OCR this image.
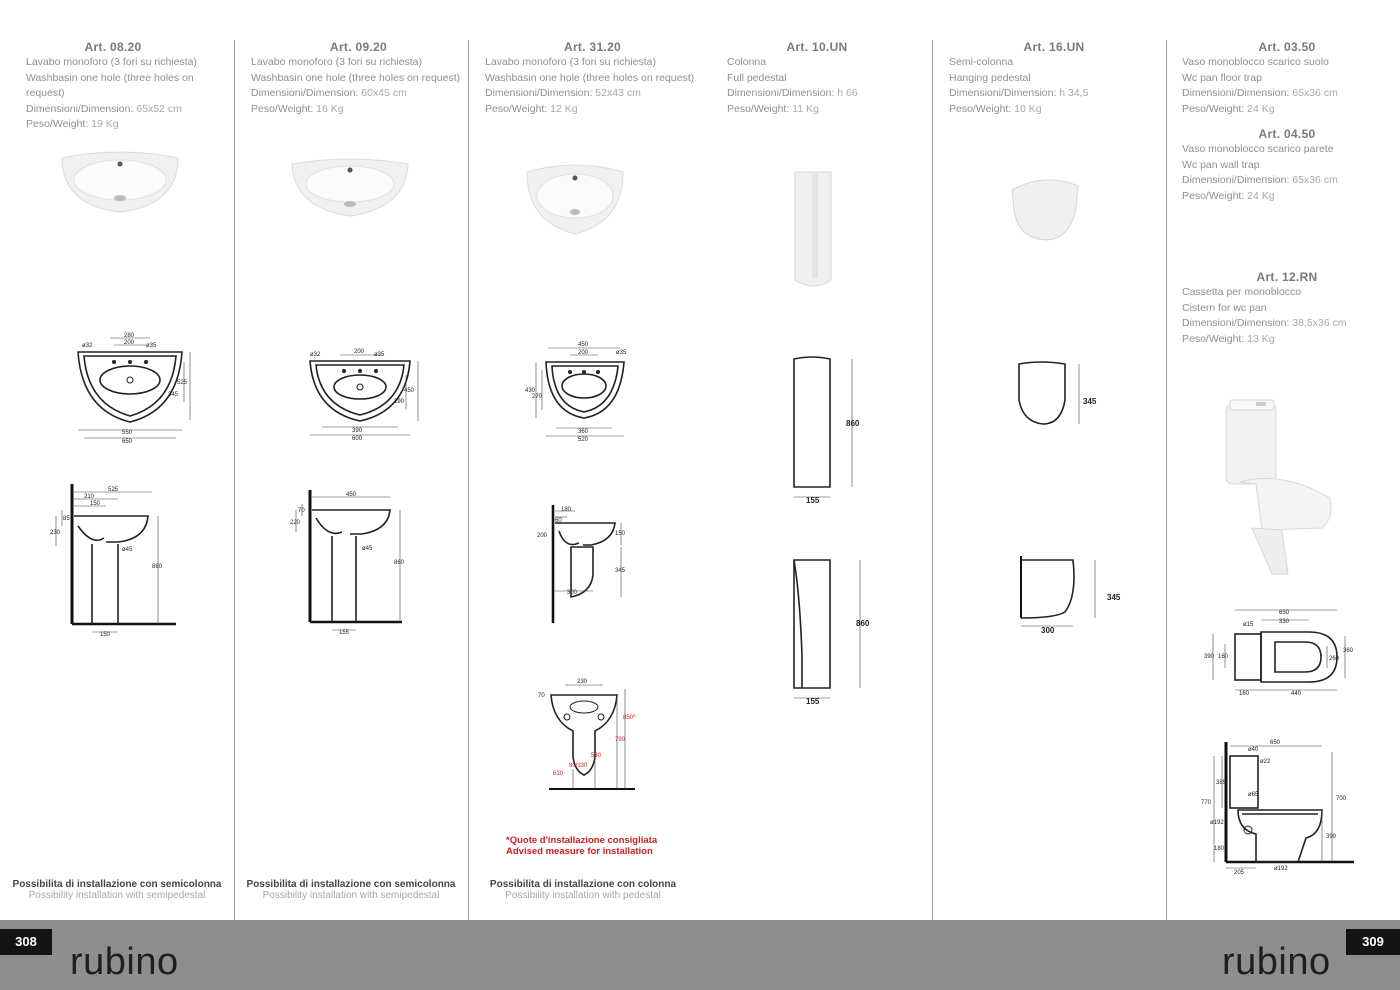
Art. 08.20
Lavabo monoforo (3 fori su richiesta)
Washbasin one hole (three holes on request)
Dimensioni/Dimension: 65x52 cm
Peso/Weight: 19 Kg
Art. 09.20
Lavabo monoforo (3 fori su richiesta)
Washbasin one hole (three holes on request)
Dimensioni/Dimension: 60x45 cm
Peso/Weight: 16 Kg
Art. 31.20
Lavabo monoforo (3 fori su richiesta)
Washbasin one hole (three holes on request)
Dimensioni/Dimension: 52x43 cm
Peso/Weight: 12 Kg
Art. 10.UN
Colonna
Full pedestal
Dimensioni/Dimension: h 66
Peso/Weight: 11 Kg
Art. 16.UN
Semi-colonna
Hanging pedestal
Dimensioni/Dimension: h 34,5
Peso/Weight: 10 Kg
Art. 03.50
Vaso monoblocco scarico suolo
Wc pan floor trap
Dimensioni/Dimension: 65x36 cm
Peso/Weight: 24 Kg
Art. 04.50
Vaso monoblocco scarico parete
Wc pan wall trap
Dimensioni/Dimension: 65x36 cm
Peso/Weight: 24 Kg
Art. 12.RN
Cassetta per monoblocco
Cistern for wc pan
Dimensioni/Dimension: 38,5x36 cm
Peso/Weight: 13 Kg
280
200
ø32	ø35
525
345
550
650
525
210
150
85
230
ø45
860
150
ø32	200 ø35
450
290
390
600
450
70
220
ø45
860
155
450
200	ø35
430
270
360
520
180
60
200	150
345
300
230
70
850*
790
530
610
80/130
860
155
860
155
345
345
300
650
ø15	330
390 160
360
260
160	440
650
ø40
ø22
385
ø65
770
700
ø192
180
205
ø192
390
*Quote d'installazione consigliata
Advised measure for installation
Possibilita di installazione con semicolonna
Possibility installation with semipedestal
Possibilita di installazione con semicolonna
Possibility installation with semipedestal
Possibilita di installazione con colonna
Possibility installation with pedestal
308	309
rubino	rubino
